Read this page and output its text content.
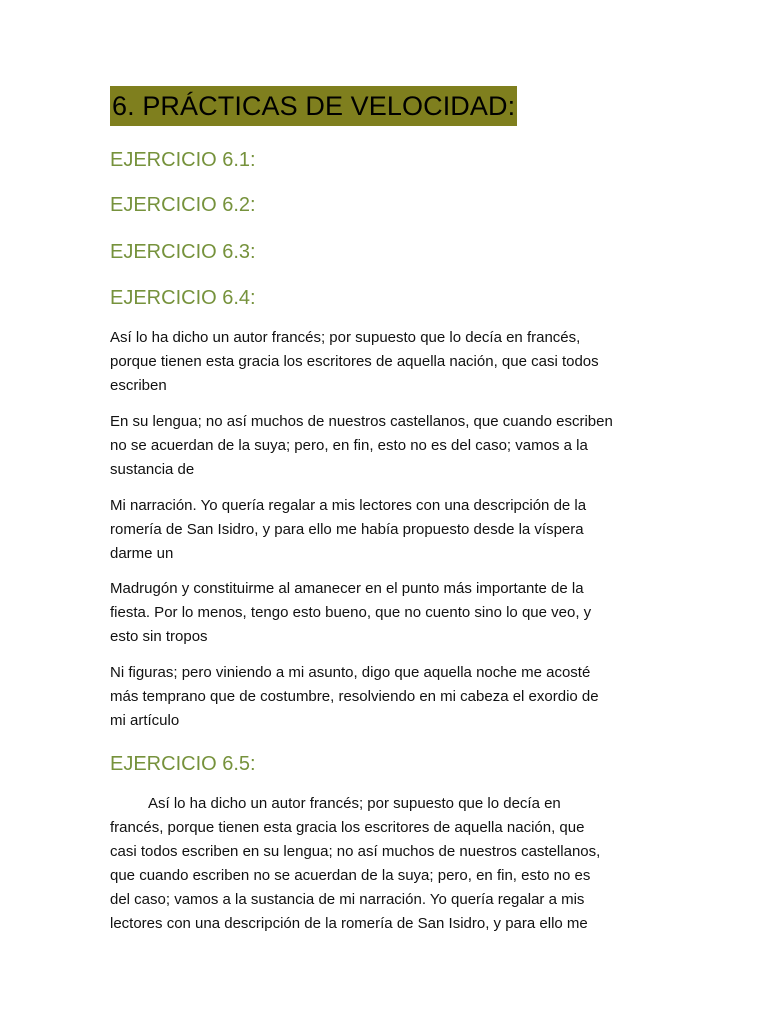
6. PRÁCTICAS DE VELOCIDAD:
EJERCICIO 6.1:
EJERCICIO 6.2:
EJERCICIO 6.3:
EJERCICIO 6.4:
Así lo ha dicho un autor francés; por supuesto que lo decía en francés,
porque tienen esta gracia los escritores de aquella nación, que casi todos
escriben
En su lengua; no así muchos de nuestros castellanos, que cuando escriben
no se acuerdan de la suya; pero, en fin, esto no es del caso; vamos a la
sustancia de
Mi narración. Yo quería regalar a mis lectores con una descripción de la
romería de San Isidro, y para ello me había propuesto desde la víspera
darme un
Madrugón y constituirme al amanecer en el punto más importante de la
fiesta. Por lo menos, tengo esto bueno, que no cuento sino lo que veo, y
esto sin tropos
Ni figuras; pero viniendo a mi asunto, digo que aquella noche me acosté
más temprano que de costumbre, resolviendo en mi cabeza el exordio de
mi artículo
EJERCICIO 6.5:
Así lo ha dicho un autor francés; por supuesto que lo decía en
francés, porque tienen esta gracia los escritores de aquella nación, que
casi todos escriben en su lengua; no así muchos de nuestros castellanos,
que cuando escriben no se acuerdan de la suya; pero, en fin, esto no es
del caso; vamos a la sustancia de mi narración. Yo quería regalar a mis
lectores con una descripción de la romería de San Isidro, y para ello me
